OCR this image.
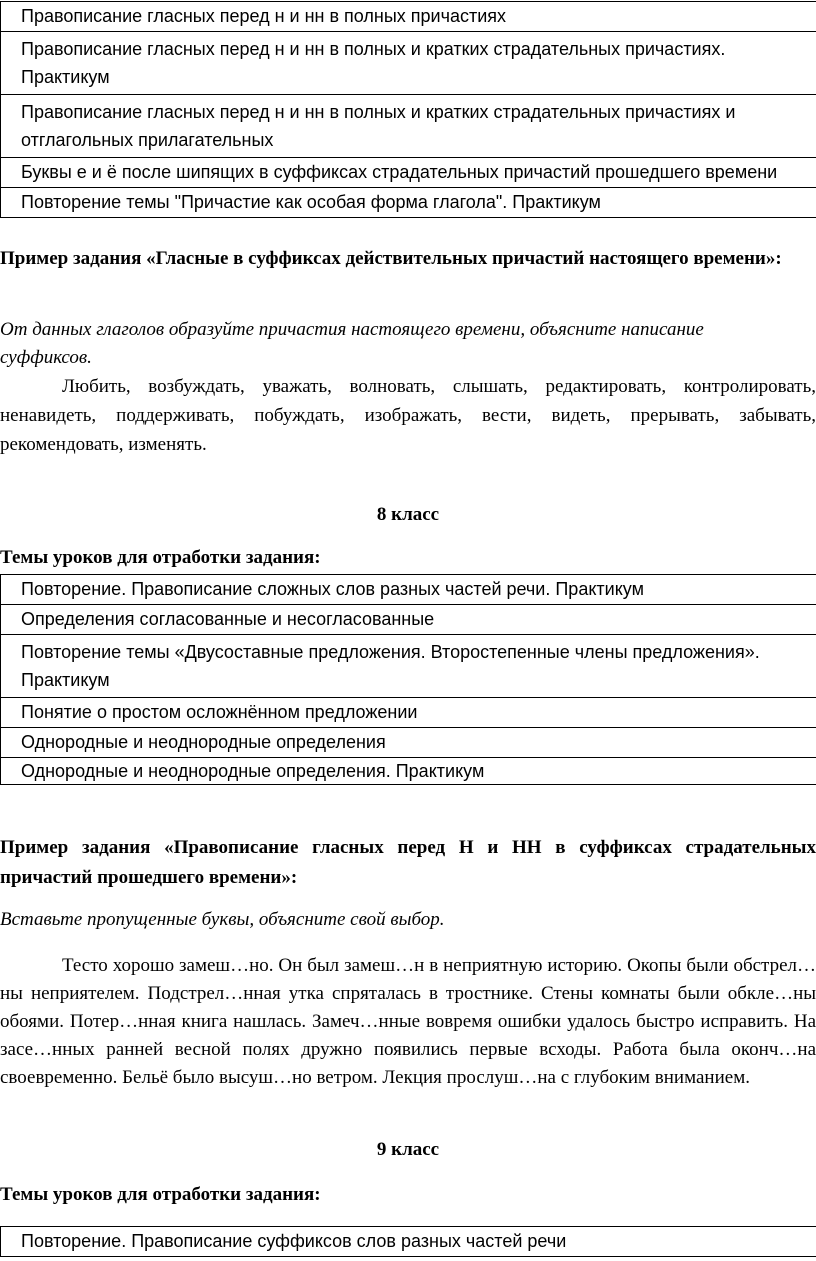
Правописание гласных перед н и нн в полных причастиях
Правописание гласных перед н и нн в полных и кратких страдательных причастиях. Практикум
Правописание гласных перед н и нн в полных и кратких страдательных причастиях и отглагольных прилагательных
Буквы е и ё после шипящих в суффиксах страдательных причастий прошедшего времени
Повторение темы "Причастие как особая форма глагола". Практикум

Пример задания «Гласные в суффиксах действительных причастий настоящего времени»:

От данных глаголов образуйте причастия настоящего времени, объясните написание суффиксов.

Любить, возбуждать, уважать, волновать, слышать, редактировать, контролировать, ненавидеть, поддерживать, побуждать, изображать, вести, видеть, прерывать, забывать, рекомендовать, изменять.

8 класс

Темы уроков для отработки задания:

Повторение. Правописание сложных слов разных частей речи. Практикум
Определения согласованные и несогласованные
Повторение темы «Двусоставные предложения. Второстепенные члены предложения». Практикум
Понятие о простом осложнённом предложении
Однородные и неоднородные определения
Однородные и неоднородные определения. Практикум

Пример задания «Правописание гласных перед Н и НН в суффиксах страдательных причастий прошедшего времени»:

Вставьте пропущенные буквы, объясните свой выбор.

Тесто хорошо замеш…но. Он был замеш…н в неприятную историю. Окопы были обстрел…ны неприятелем. Подстрел…нная утка спряталась в тростнике. Стены комнаты были обкле…ны обоями. Потер…нная книга нашлась. Замеч…нные вовремя ошибки удалось быстро исправить. На засе…нных ранней весной полях дружно появились первые всходы. Работа была оконч…на своевременно. Бельё было высуш…но ветром. Лекция прослуш…на с глубоким вниманием.

9 класс

Темы уроков для отработки задания:

Повторение. Правописание суффиксов слов разных частей речи
